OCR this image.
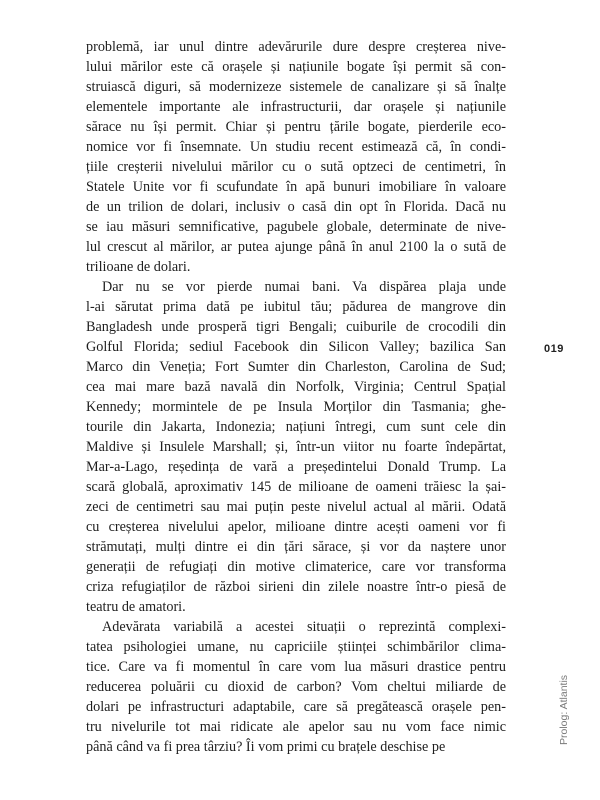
problemă, iar unul dintre adevărurile dure despre creșterea nive-
lului mărilor este că orașele și națiunile bogate își permit să con-
struiască diguri, să modernizeze sistemele de canalizare și să înalțe
elementele importante ale infrastructurii, dar orașele și națiunile
sărace nu își permit. Chiar și pentru țările bogate, pierderile eco-
nomice vor fi însemnate. Un studiu recent estimează că, în condi-
țiile creșterii nivelului mărilor cu o sută optzeci de centimetri, în
Statele Unite vor fi scufundate în apă bunuri imobiliare în valoare
de un trilion de dolari, inclusiv o casă din opt în Florida. Dacă nu
se iau măsuri semnificative, pagubele globale, determinate de nive-
lul crescut al mărilor, ar putea ajunge până în anul 2100 la o sută de
trilioane de dolari.
Dar nu se vor pierde numai bani. Va dispărea plaja unde
l-ai sărutat prima dată pe iubitul tău; pădurea de mangrove din
Bangladesh unde prosperă tigri Bengali; cuiburile de crocodili din
Golful Florida; sediul Facebook din Silicon Valley; bazilica San
Marco din Veneția; Fort Sumter din Charleston, Carolina de Sud;
cea mai mare bază navală din Norfolk, Virginia; Centrul Spațial
Kennedy; mormintele de pe Insula Morților din Tasmania; ghe-
tourile din Jakarta, Indonezia; națiuni întregi, cum sunt cele din
Maldive și Insulele Marshall; și, într-un viitor nu foarte îndepărtat,
Mar-a-Lago, reședința de vară a președintelui Donald Trump. La
scară globală, aproximativ 145 de milioane de oameni trăiesc la șai-
zeci de centimetri sau mai puțin peste nivelul actual al mării. Odată
cu creșterea nivelului apelor, milioane dintre acești oameni vor fi
strămutați, mulți dintre ei din țări sărace, și vor da naștere unor
generații de refugiați din motive climaterice, care vor transforma
criza refugiaților de război sirieni din zilele noastre într-o piesă de
teatru de amatori.
Adevărata variabilă a acestei situații o reprezintă complexi-
tatea psihologiei umane, nu capriciile științei schimbărilor clima-
tice. Care va fi momentul în care vom lua măsuri drastice pentru
reducerea poluării cu dioxid de carbon? Vom cheltui miliarde de
dolari pe infrastructuri adaptabile, care să pregătească orașele pen-
tru nivelurile tot mai ridicate ale apelor sau nu vom face nimic
până când va fi prea târziu? Îi vom primi cu brațele deschise pe
019
Prolog: Atlantis
